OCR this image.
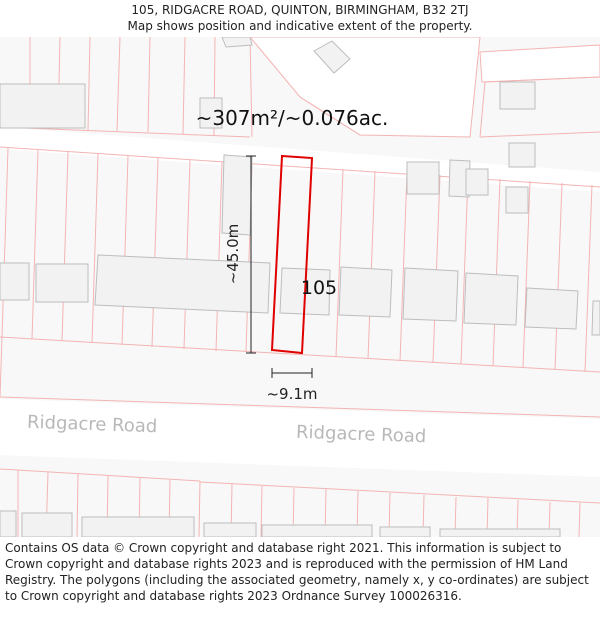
105, RIDGACRE ROAD, QUINTON, BIRMINGHAM, B32 2TJ
Map shows position and indicative extent of the property.
~45.0m
~9.1m
~307m²/~0.076ac.
105
Ridgacre Road	Ridgacre Road
Contains OS data © Crown copyright and database right 2021. This information is subject to Crown copyright and database rights 2023 and is reproduced with the permission of HM Land Registry. The polygons (including the associated geometry, namely x, y co-ordinates) are subject to Crown copyright and database rights 2023 Ordnance Survey 100026316.
